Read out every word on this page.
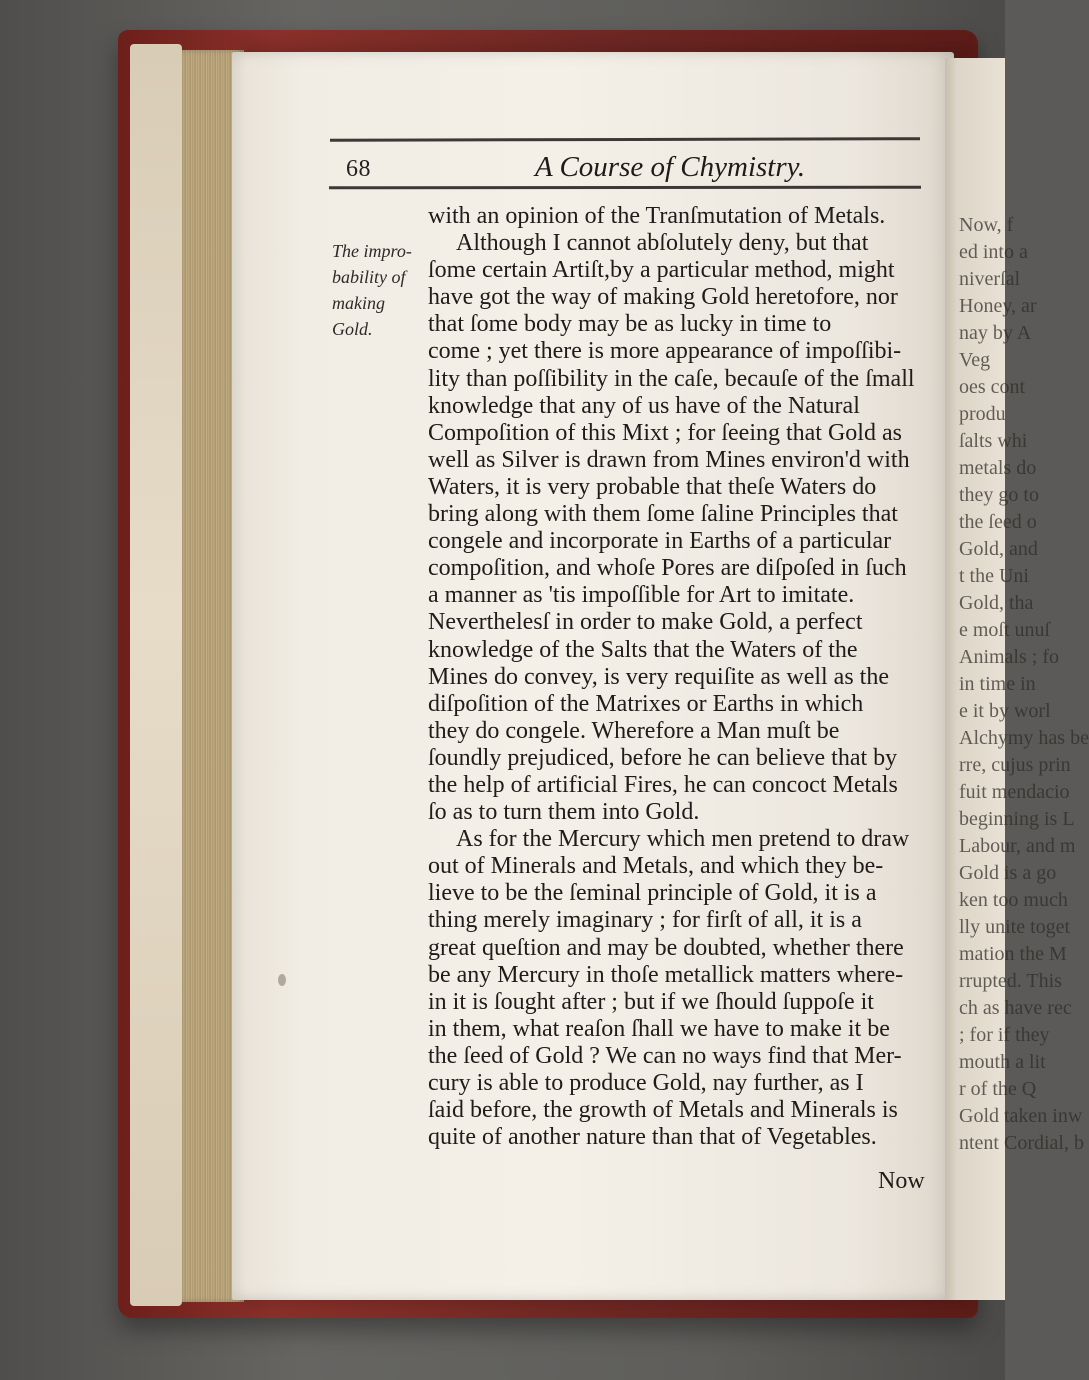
Now, f
ed into a
niverſal
Honey, ar
nay by A
Veg
oes cont
produ
ſalts whi
metals do
they go to
the ſeed o
Gold, and
t the Uni
Gold, tha
e moſt unuſ
Animals ; fo
in time in
e it by worl
Alchymy has be
rre, cujus prin
fuit mendacio
beginning is L
Labour, and m
Gold is a go
ken too much
lly unite toget
mation the M
rrupted. This
ch as have rec
; for if they
mouth a lit
r of the Q
Gold taken inw
ntent Cordial, b
68	A Course of Chymistry.
The impro-
bability of
making
Gold.
with an opinion of the Tranſmutation of Metals.
Although I cannot abſolutely deny, but that
ſome certain Artiſt,by a particular method, might
have got the way of making Gold heretofore, nor
that ſome body may be as lucky in time to
come ; yet there is more appearance of impoſſibi-
lity than poſſibility in the caſe, becauſe of the ſmall
knowledge that any of us have of the Natural
Compoſition of this Mixt ; for ſeeing that Gold as
well as Silver is drawn from Mines environ'd with
Waters, it is very probable that theſe Waters do
bring along with them ſome ſaline Principles that
congele and incorporate in Earths of a particular
compoſition, and whoſe Pores are diſpoſed in ſuch
a manner as 'tis impoſſible for Art to imitate.
Neverthelesſ in order to make Gold, a perfect
knowledge of the Salts that the Waters of the
Mines do convey, is very requiſite as well as the
diſpoſition of the Matrixes or Earths in which
they do congele. Wherefore a Man muſt be
ſoundly prejudiced, before he can believe that by
the help of artificial Fires, he can concoct Metals
ſo as to turn them into Gold.
As for the Mercury which men pretend to draw
out of Minerals and Metals, and which they be-
lieve to be the ſeminal principle of Gold, it is a
thing merely imaginary ; for firſt of all, it is a
great queſtion and may be doubted, whether there
be any Mercury in thoſe metallick matters where-
in it is ſought after ; but if we ſhould ſuppoſe it
in them, what reaſon ſhall we have to make it be
the ſeed of Gold ? We can no ways find that Mer-
cury is able to produce Gold, nay further, as I
ſaid before, the growth of Metals and Minerals is
quite of another nature than that of Vegetables.
Now
